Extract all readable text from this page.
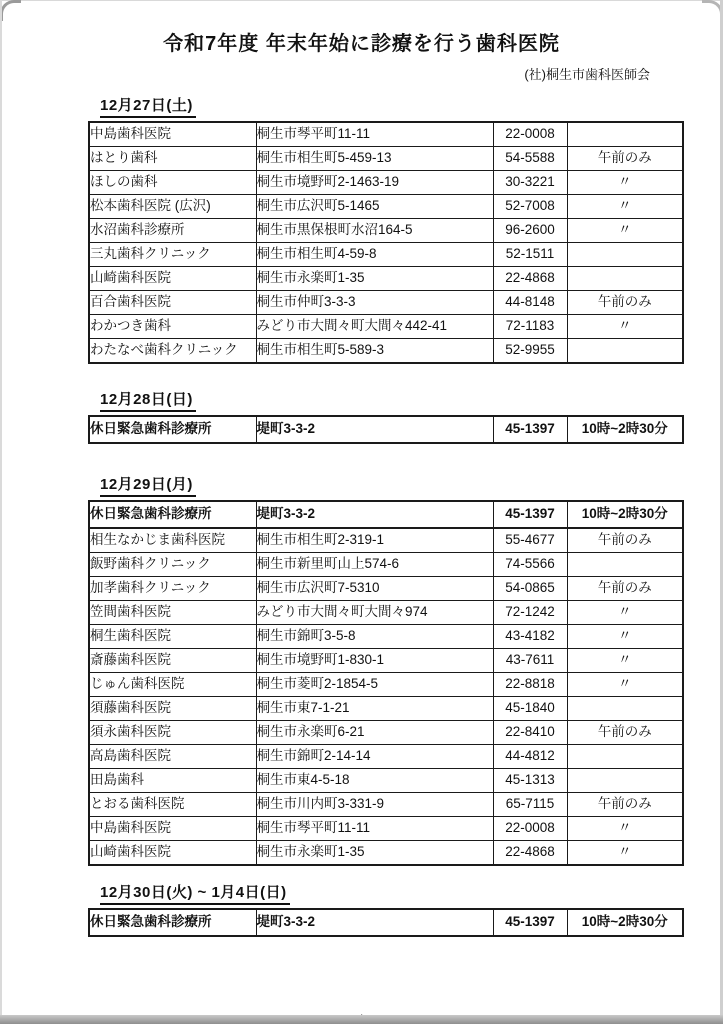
令和7年度 年末年始に診療を行う歯科医院
(社)桐生市歯科医師会
12月27日(土)
中島歯科医院	桐生市琴平町11-11	22-0008	
はとり歯科	桐生市相生町5-459-13	54-5588	午前のみ
ほしの歯科	桐生市境野町2-1463-19	30-3221	〃
松本歯科医院 (広沢)	桐生市広沢町5-1465	52-7008	〃
水沼歯科診療所	桐生市黒保根町水沼164-5	96-2600	〃
三丸歯科クリニック	桐生市相生町4-59-8	52-1511	
山崎歯科医院	桐生市永楽町1-35	22-4868	
百合歯科医院	桐生市仲町3-3-3	44-8148	午前のみ
わかつき歯科	みどり市大間々町大間々442-41	72-1183	〃
わたなべ歯科クリニック	桐生市相生町5-589-3	52-9955	
12月28日(日)
休日緊急歯科診療所	堤町3-3-2	45-1397	10時~2時30分
12月29日(月)
休日緊急歯科診療所	堤町3-3-2	45-1397	10時~2時30分
相生なかじま歯科医院	桐生市相生町2-319-1	55-4677	午前のみ
飯野歯科クリニック	桐生市新里町山上574-6	74-5566	
加孝歯科クリニック	桐生市広沢町7-5310	54-0865	午前のみ
笠間歯科医院	みどり市大間々町大間々974	72-1242	〃
桐生歯科医院	桐生市錦町3-5-8	43-4182	〃
斎藤歯科医院	桐生市境野町1-830-1	43-7611	〃
じゅん歯科医院	桐生市菱町2-1854-5	22-8818	〃
須藤歯科医院	桐生市東7-1-21	45-1840	
須永歯科医院	桐生市永楽町6-21	22-8410	午前のみ
高島歯科医院	桐生市錦町2-14-14	44-4812	
田島歯科	桐生市東4-5-18	45-1313	
とおる歯科医院	桐生市川内町3-331-9	65-7115	午前のみ
中島歯科医院	桐生市琴平町11-11	22-0008	〃
山崎歯科医院	桐生市永楽町1-35	22-4868	〃
12月30日(火) ~ 1月4日(日)
休日緊急歯科診療所	堤町3-3-2	45-1397	10時~2時30分
